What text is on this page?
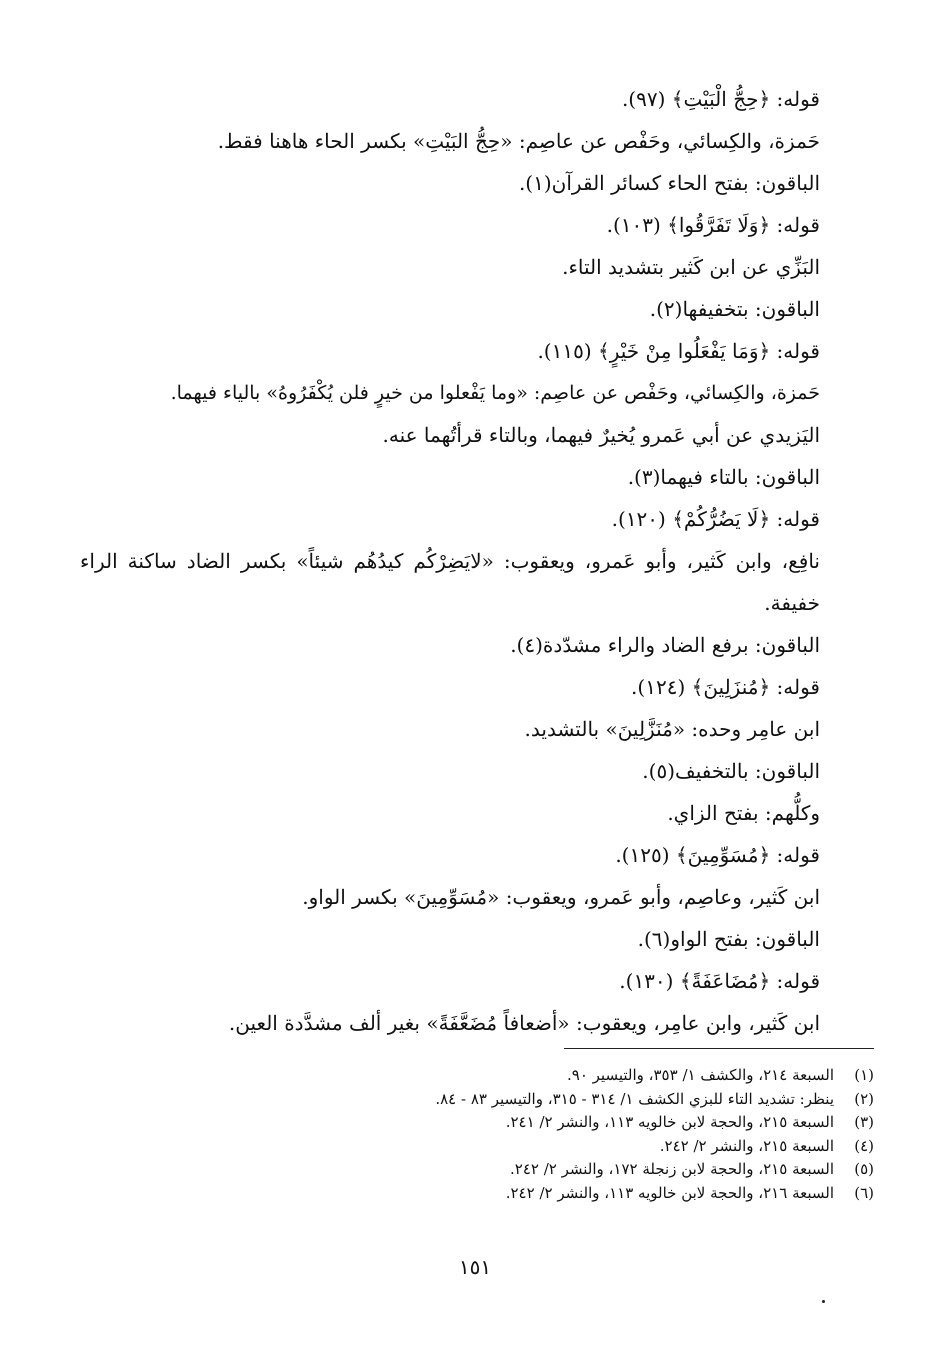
قوله: ﴿حِجُّ الْبَيْتِ﴾ (٩٧).
حَمزة، والكِسائي، وحَفْص عن عاصِم: «حِجُّ البَيْتِ» بكسر الحاء هاهنا فقط.
الباقون: بفتح الحاء كسائر القرآن(١).
قوله: ﴿وَلَا تَفَرَّقُوا﴾ (١٠٣).
البَزِّي عن ابن كَثير بتشديد التاء.
الباقون: بتخفيفها(٢).
قوله: ﴿وَمَا يَفْعَلُوا مِنْ خَيْرٍ﴾ (١١٥).
حَمزة، والكِسائي، وحَفْص عن عاصِم: «وما يَفْعلوا من خيرٍ فلن يُكْفَرُوهُ» بالياء فيهما.
اليَزيدي عن أبي عَمرو يُخيرٌ فيهما، وبالتاء قرأتُهما عنه.
الباقون: بالتاء فيهما(٣).
قوله: ﴿لَا يَضُرُّكُمْ﴾ (١٢٠).
نافِع، وابن كَثير، وأبو عَمرو، ويعقوب: «لايَضِرْكُم كيدُهُم شيئاً» بكسر الضاد ساكنة الراء خفيفة.
الباقون: برفع الضاد والراء مشدّدة(٤).
قوله: ﴿مُنزَلِينَ﴾ (١٢٤).
ابن عامِر وحده: «مُنَزَّلِينَ» بالتشديد.
الباقون: بالتخفيف(٥).
وكلُّهم: بفتح الزاي.
قوله: ﴿مُسَوِّمِينَ﴾ (١٢٥).
ابن كَثير، وعاصِم، وأبو عَمرو، ويعقوب: «مُسَوِّمِينَ» بكسر الواو.
الباقون: بفتح الواو(٦).
قوله: ﴿مُضَاعَفَةً﴾ (١٣٠).
ابن كَثير، وابن عامِر، ويعقوب: «أضعافاً مُضَعَّفَةً» بغير ألف مشدَّدة العين.
(١)
السبعة ٢١٤، والكشف ١/ ٣٥٣، والتيسير ٩٠.
(٢)
ينظر: تشديد التاء للبزي الكشف ١/ ٣١٤ - ٣١٥، والتيسير ٨٣ - ٨٤.
(٣)
السبعة ٢١٥، والحجة لابن خالويه ١١٣، والنشر ٢/ ٢٤١.
(٤)
السبعة ٢١٥، والنشر ٢/ ٢٤٢.
(٥)
السبعة ٢١٥، والحجة لابن زنجلة ١٧٢، والنشر ٢/ ٢٤٢.
(٦)
السبعة ٢١٦، والحجة لابن خالويه ١١٣، والنشر ٢/ ٢٤٢.
١٥١
